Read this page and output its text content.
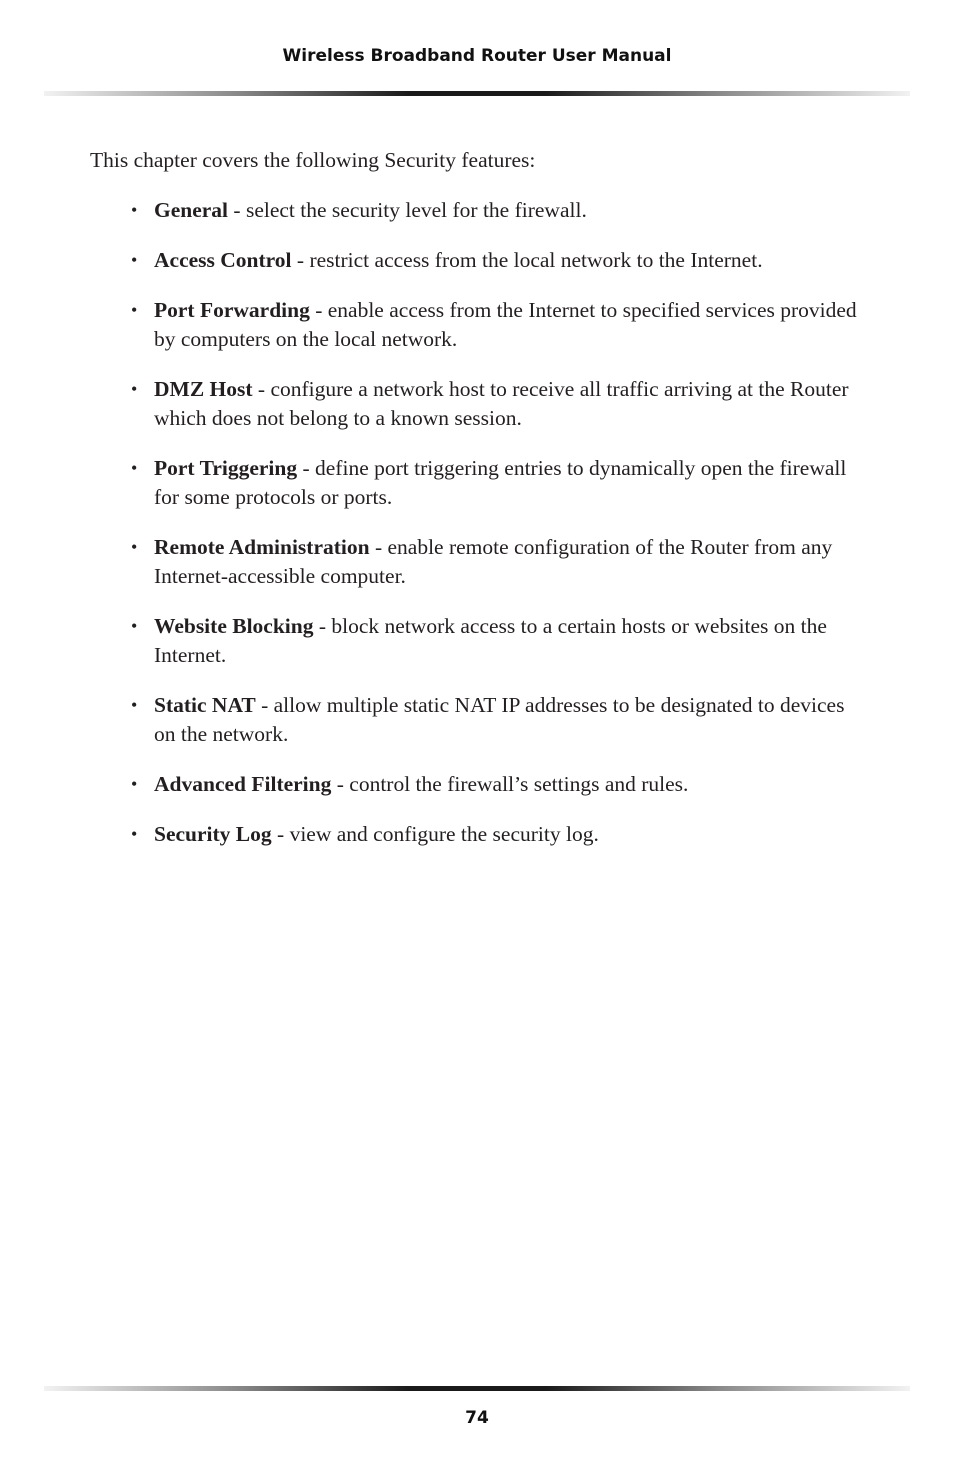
Wireless Broadband Router User Manual

This chapter covers the following Security features:

• General - select the security level for the firewall.
• Access Control - restrict access from the local network to the Internet.
• Port Forwarding - enable access from the Internet to specified services provided by computers on the local network.
• DMZ Host - configure a network host to receive all traffic arriving at the Router which does not belong to a known session.
• Port Triggering - define port triggering entries to dynamically open the firewall for some protocols or ports.
• Remote Administration - enable remote configuration of the Router from any Internet-accessible computer.
• Website Blocking - block network access to a certain hosts or websites on the Internet.
• Static NAT - allow multiple static NAT IP addresses to be designated to devices on the network.
• Advanced Filtering - control the firewall’s settings and rules.
• Security Log - view and configure the security log.
74
